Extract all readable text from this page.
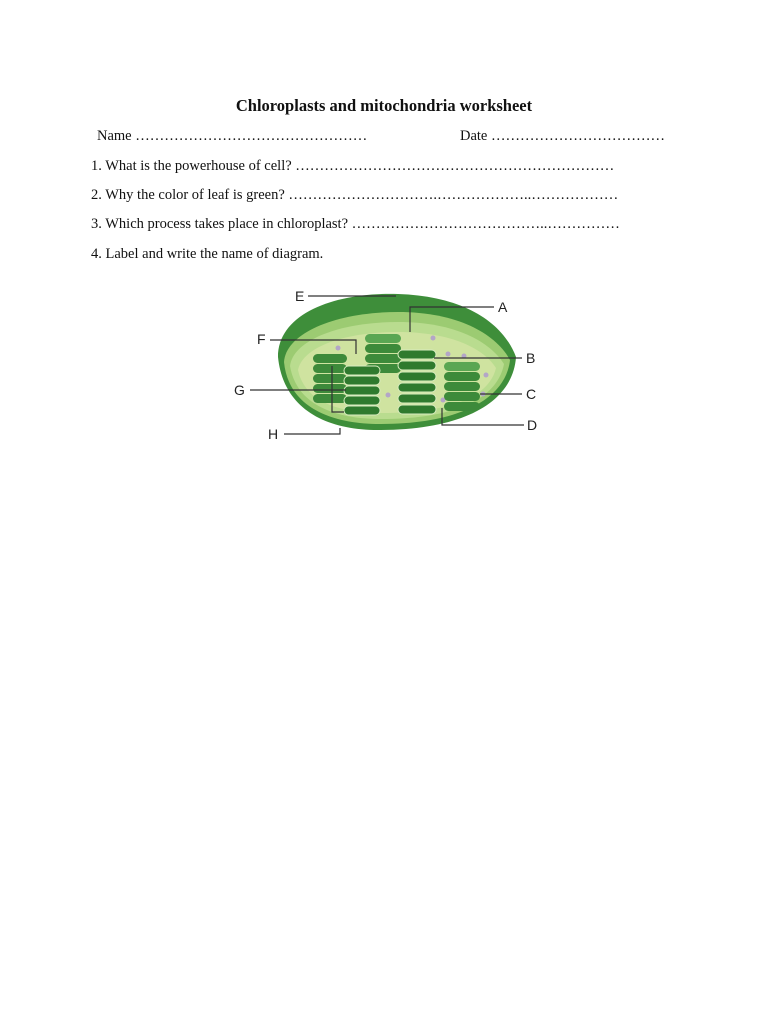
Chloroplasts and mitochondria worksheet
Name …………………………………………	Date ………………………………
1. What is the powerhouse of cell? …………………………………………………………
2. Why the color of leaf is green? ………………………….………………..………………
3. Which process takes place in chloroplast? …………………………………..……………
4. Label and write the name of diagram.
E
A
F
B
G	C
D
H
